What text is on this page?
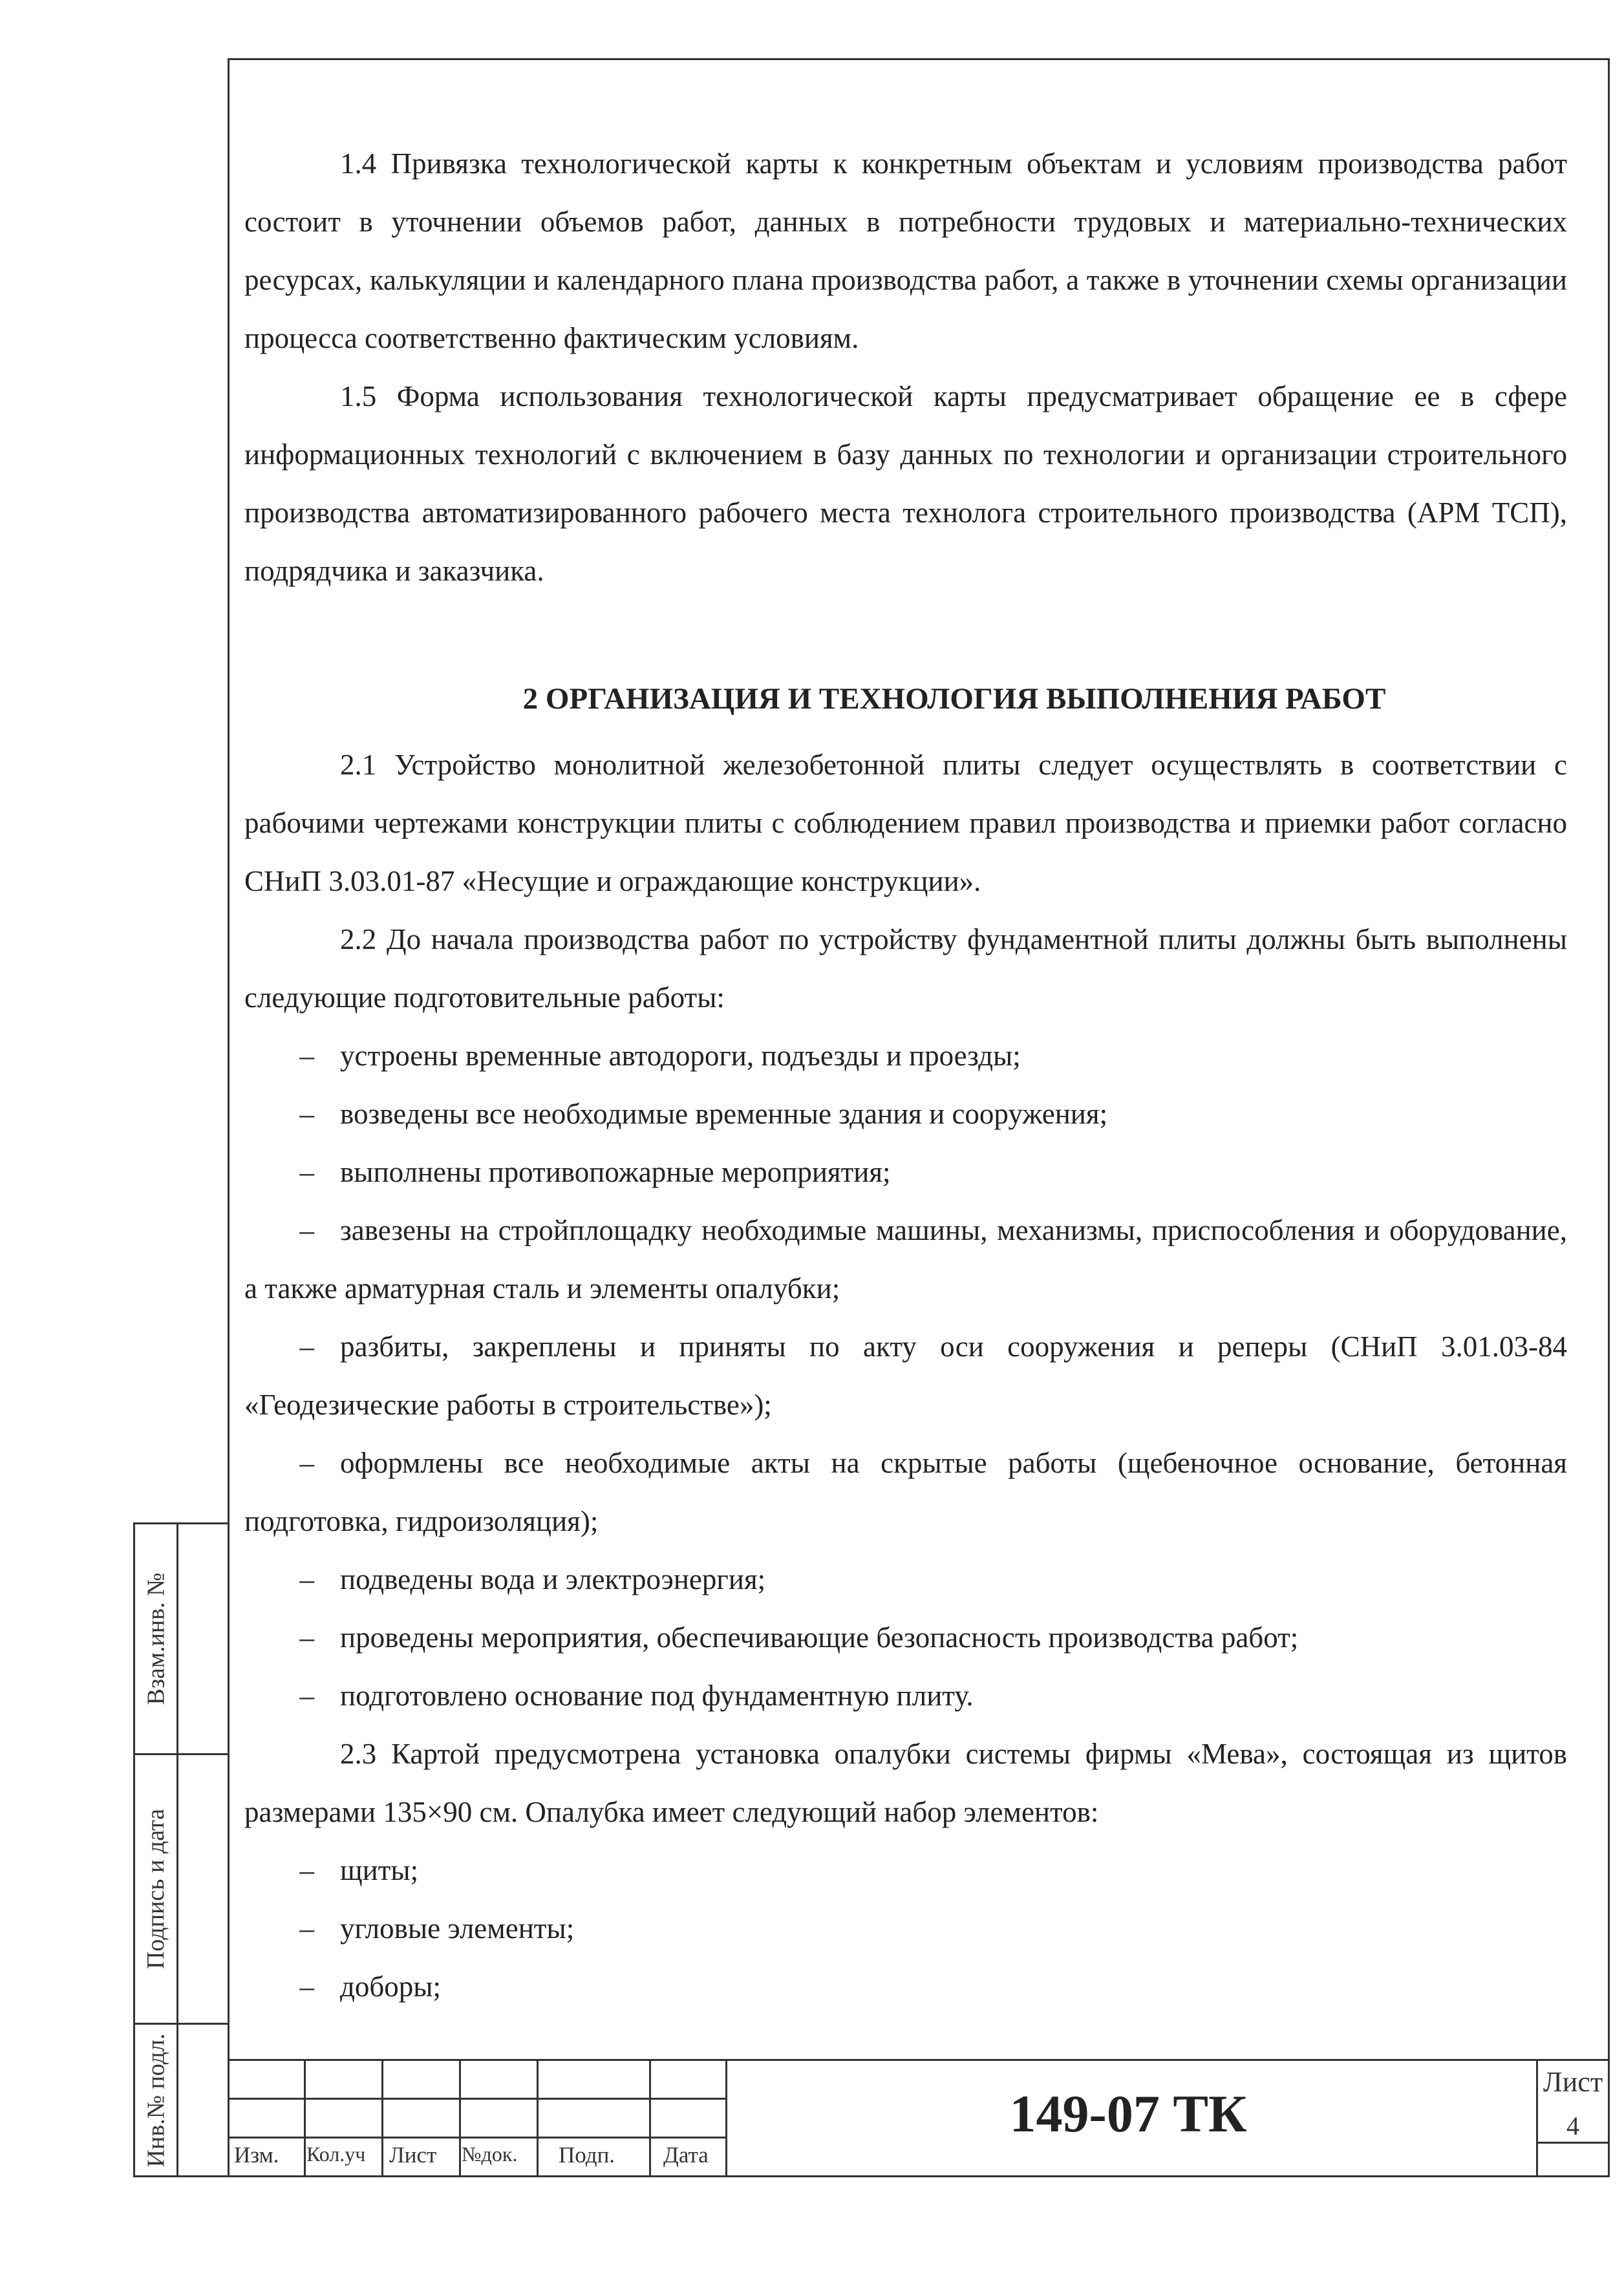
1.4 Привязка технологической карты к конкретным объектам и условиям производства работ состоит в уточнении объемов работ, данных в потребности трудовых и материально-технических ресурсах, калькуляции и календарного плана производства работ, а также в уточнении схемы организации процесса соответственно фактическим условиям.

1.5 Форма использования технологической карты предусматривает обращение ее в сфере информационных технологий с включением в базу данных по технологии и организации строительного производства автоматизированного рабочего места технолога строительного производства (АРМ ТСП), подрядчика и заказчика.

2 ОРГАНИЗАЦИЯ И ТЕХНОЛОГИЯ ВЫПОЛНЕНИЯ РАБОТ

2.1 Устройство монолитной железобетонной плиты следует осуществлять в соответствии с рабочими чертежами конструкции плиты с соблюдением правил производства и приемки работ согласно СНиП 3.03.01-87 «Несущие и ограждающие конструкции».

2.2 До начала производства работ по устройству фундаментной плиты должны быть выполнены следующие подготовительные работы:

– устроены временные автодороги, подъезды и проезды;

– возведены все необходимые временные здания и сооружения;

– выполнены противопожарные мероприятия;

– завезены на стройплощадку необходимые машины, механизмы, приспособления и оборудование, а также арматурная сталь и элементы опалубки;

– разбиты, закреплены и приняты по акту оси сооружения и реперы (СНиП 3.01.03-84 «Геодезические работы в строительстве»);

– оформлены все необходимые акты на скрытые работы (щебеночное основание, бетонная подготовка, гидроизоляция);

– подведены вода и электроэнергия;

– проведены мероприятия, обеспечивающие безопасность производства работ;

– подготовлено основание под фундаментную плиту.

2.3 Картой предусмотрена установка опалубки системы фирмы «Мева», состоящая из щитов размерами 135×90 см. Опалубка имеет следующий набор элементов:

– щиты;

– угловые элементы;

– доборы;

Взам.инв. №
Подпись и дата
Инв.№ подл.	Изм. Кол.уч Лист №док. Подп. Дата
149-07 ТК
Лист
4
